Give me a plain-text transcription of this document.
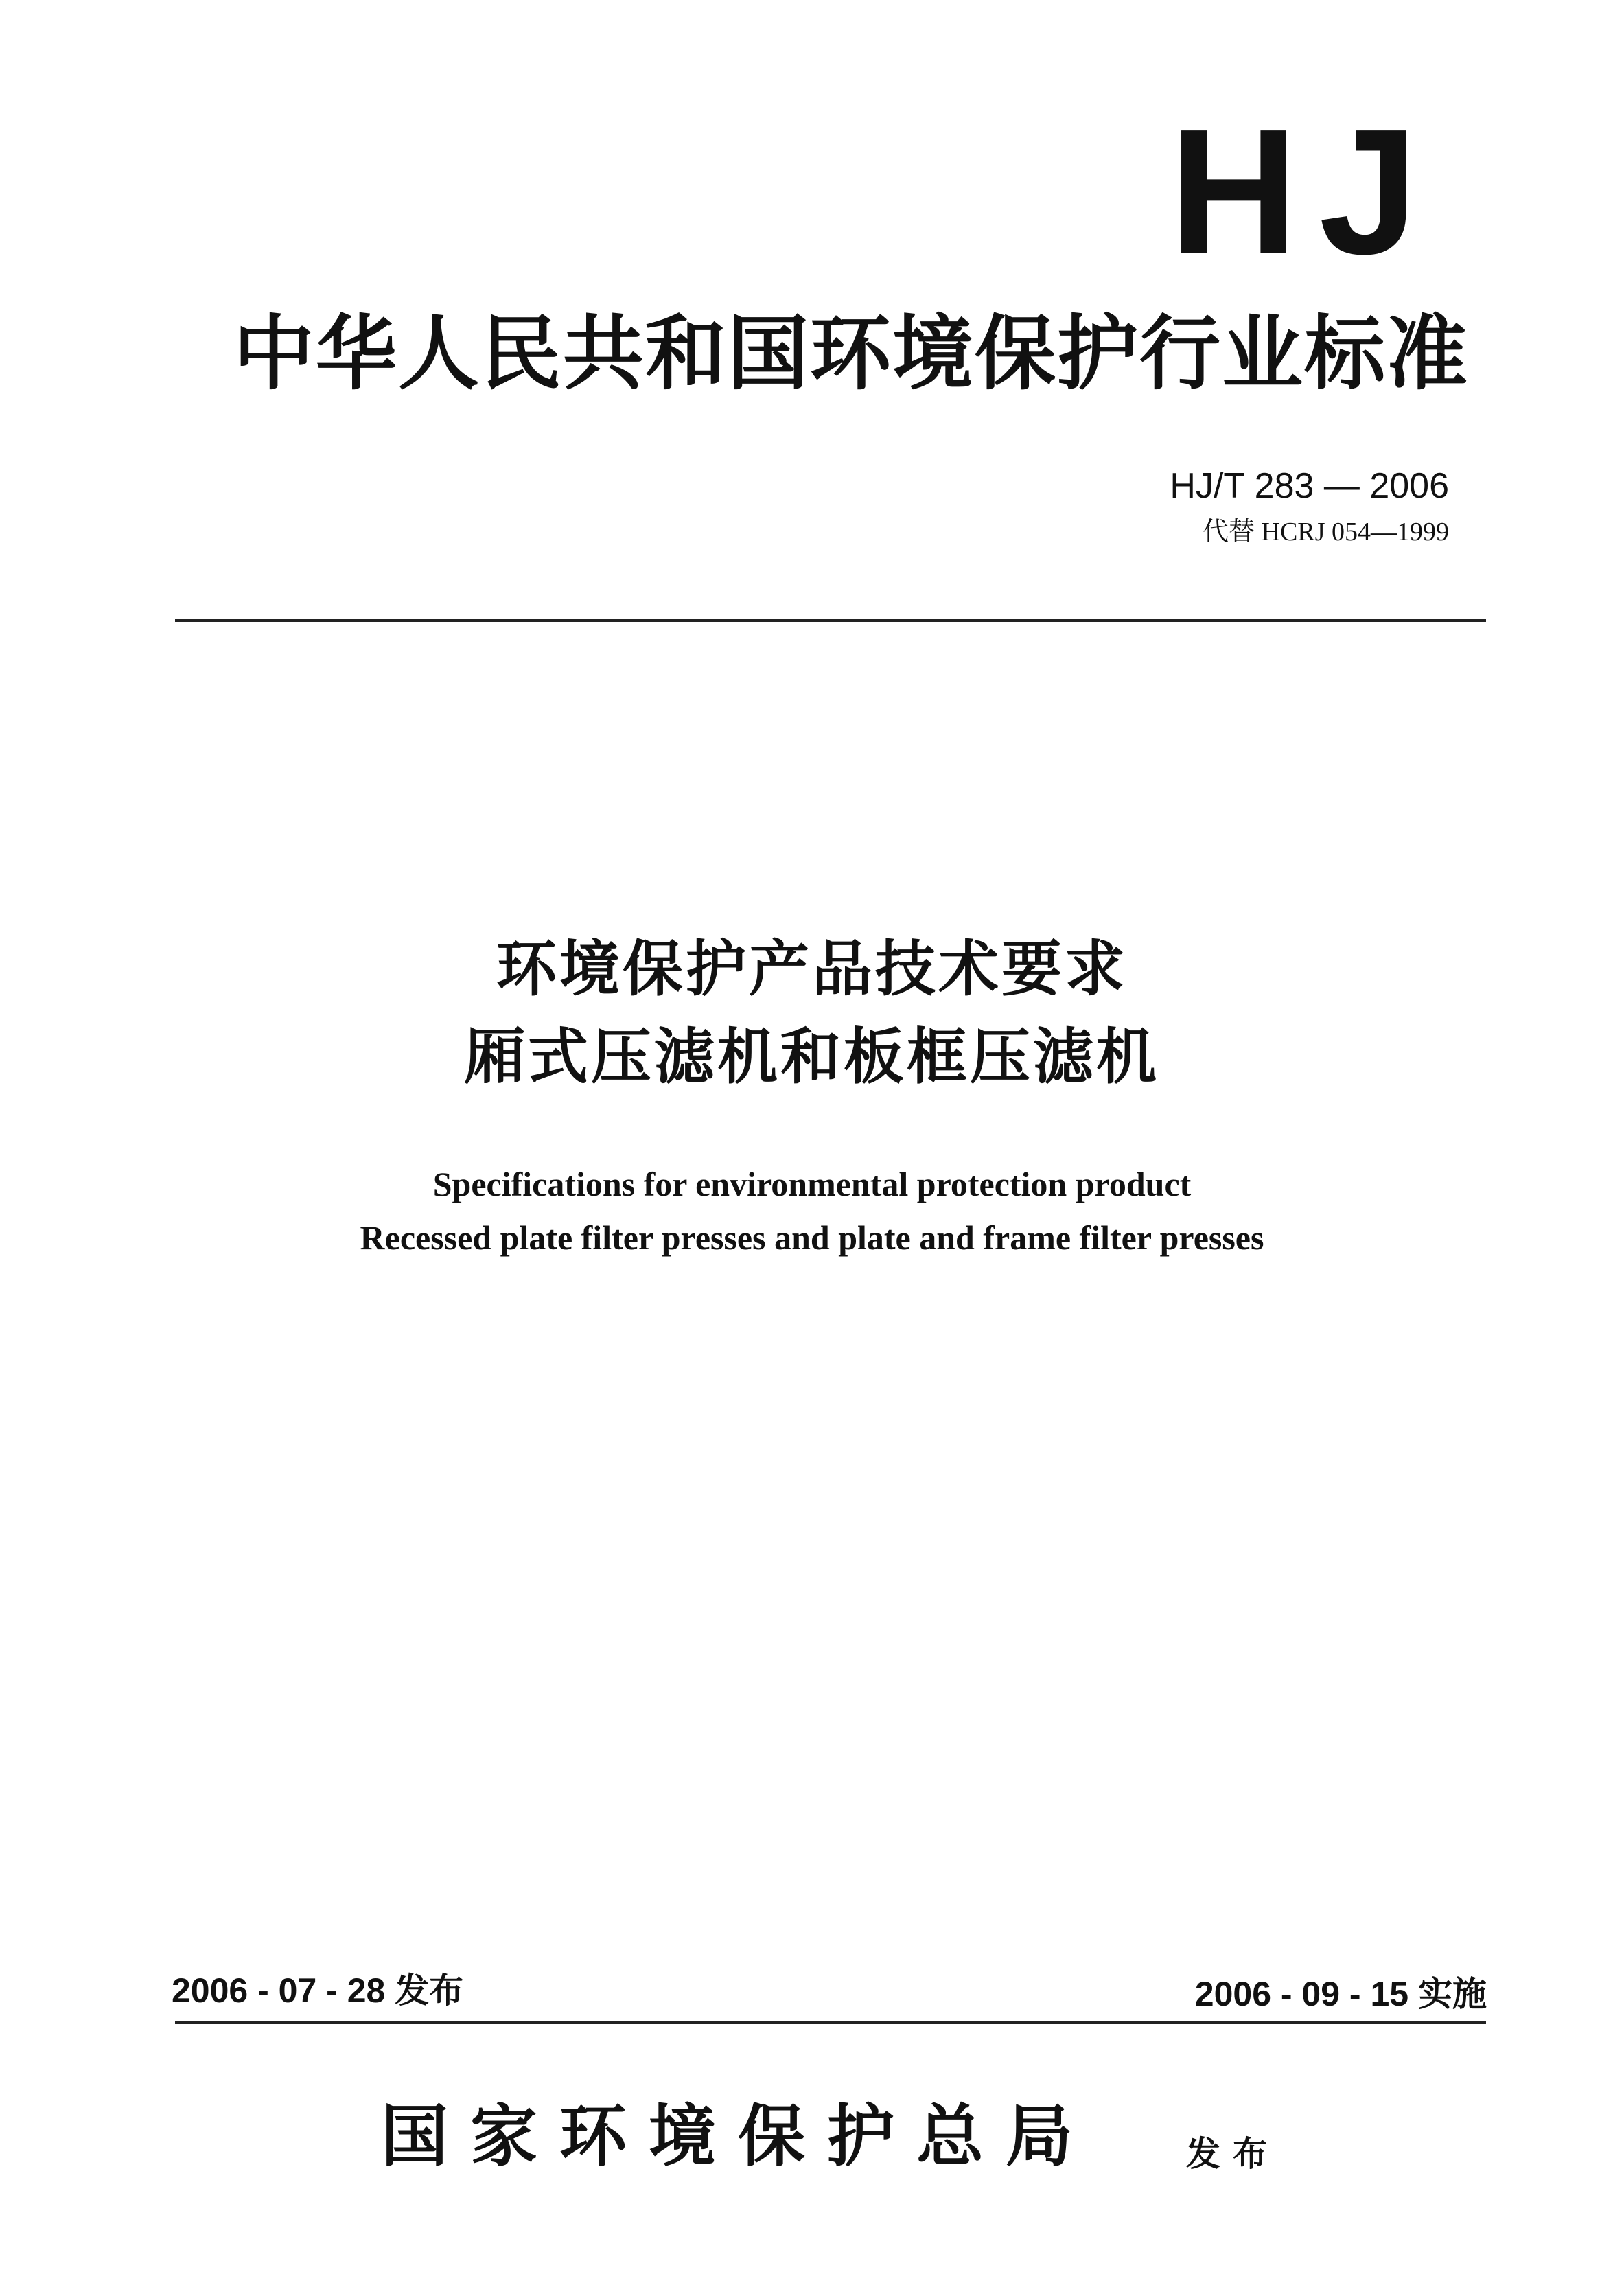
HJ
中华人民共和国环境保护行业标准
HJ/T 283 — 2006
代替 HCRJ 054—1999
环境保护产品技术要求
厢式压滤机和板框压滤机
Specifications for environmental protection product
Recessed plate filter presses and plate and frame filter presses
2006 - 07 - 28 发布	2006 - 09 - 15 实施
国家环境保护总局	发布
